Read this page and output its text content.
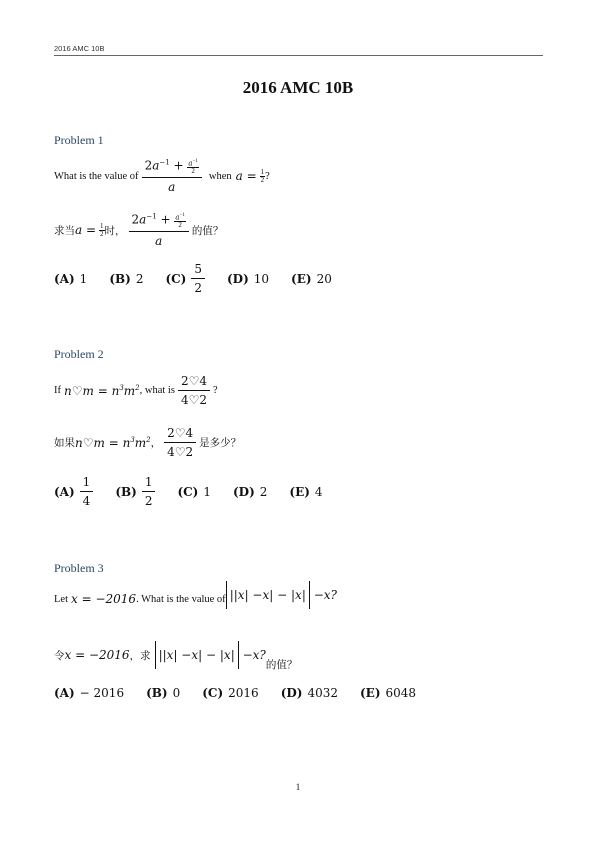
2016 AMC 10B
2016 AMC 10B
Problem 1
What is the value of $\frac{2a^{-1} + \frac{a^{-1}}{2}}{a}$ when $a = \frac{1}{2}$ ?
求当 $a = \frac{1}{2}$ 时， $\frac{2a^{-1} + \frac{a^{-1}}{2}}{a}$ 的值？
(A) 1 (B) 2 $(C) \frac{5}{2} (D)$ 10 (E) 20
Problem 2
If n♡m = $n^3m^2$ , what is $\frac{2♡4}{4♡2}$ ?
如果 n♡m = $n^3m^2$ ， $\frac{2♡4}{4♡2}$ 是多少？
$(A) \frac{1}{4} (B) \frac{1}{2} (C)$ 1 (D) 2 (E) 4
Problem 3
Let x = −2016 . What is the value of | | x | − x | − | x | − x ?
令 x = −2016 ，求 | | x | − x | − | x | − x ?
的值？
(A) − 2016 (B) 0 (C) 2016 (D) 4032 (E) 6048
1
